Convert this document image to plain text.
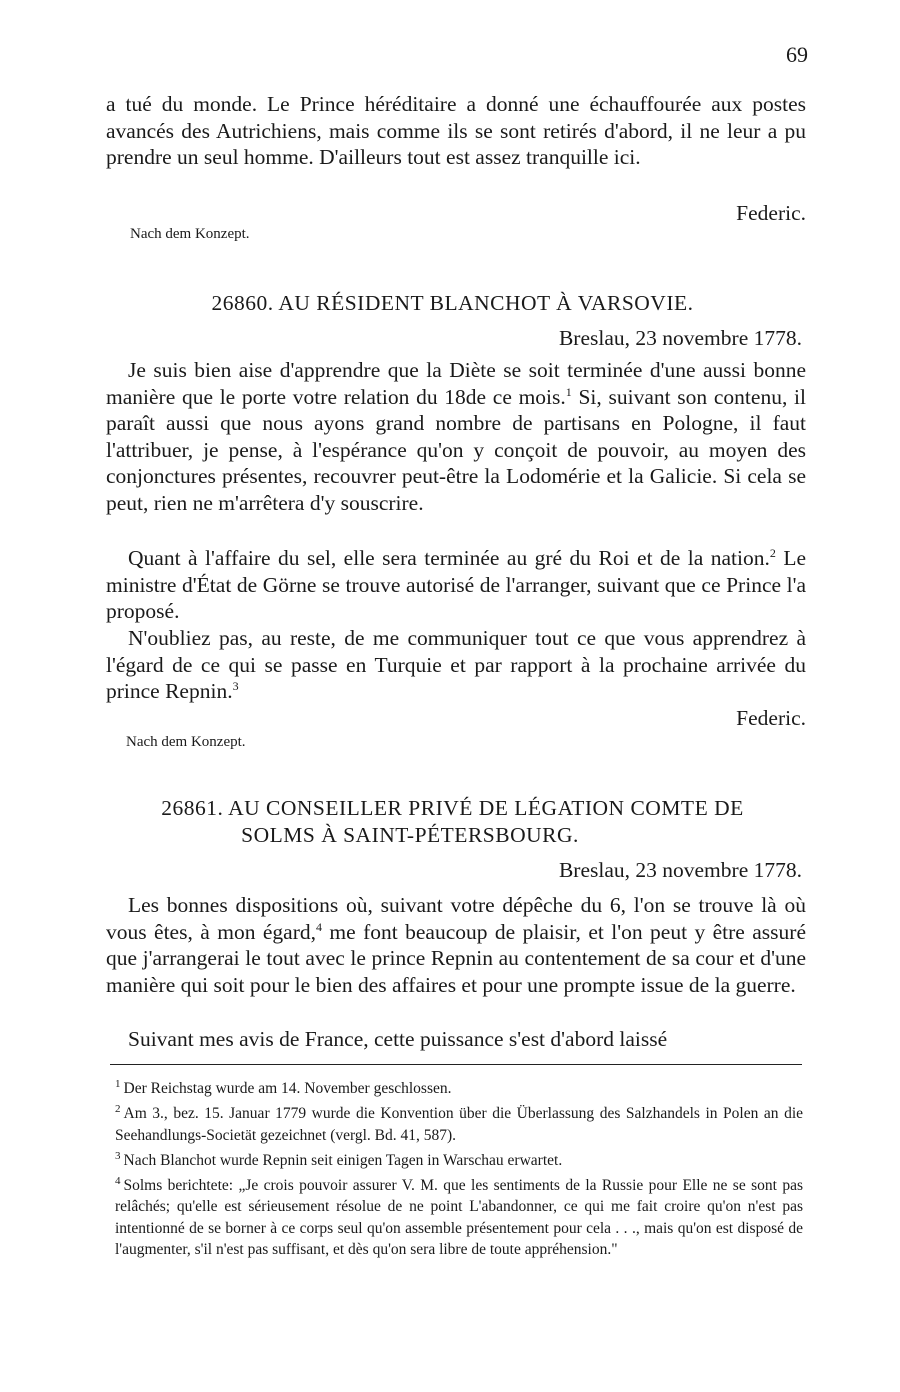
69

a tué du monde. Le Prince héréditaire a donné une échauffourée aux postes avancés des Autrichiens, mais comme ils se sont retirés d'abord, il ne leur a pu prendre un seul homme. D'ailleurs tout est assez tranquille ici.

Federic.
Nach dem Konzept.

26860. AU RÉSIDENT BLANCHOT À VARSOVIE.

Breslau, 23 novembre 1778.

Je suis bien aise d'apprendre que la Diète se soit terminée d'une aussi bonne manière que le porte votre relation du 18de ce mois.$^1$ Si, suivant son contenu, il paraît aussi que nous ayons grand nombre de partisans en Pologne, il faut l'attribuer, je pense, à l'espérance qu'on y conçoit de pouvoir, au moyen des conjonctures présentes, recouvrer peut-être la Lodomérie et la Galicie. Si cela se peut, rien ne m'arrêtera d'y souscrire.

Quant à l'affaire du sel, elle sera terminée au gré du Roi et de la nation.$^2$ Le ministre d'État de Görne se trouve autorisé de l'arranger, suivant que ce Prince l'a proposé.

N'oubliez pas, au reste, de me communiquer tout ce que vous apprendrez à l'égard de ce qui se passe en Turquie et par rapport à la prochaine arrivée du prince Repnin.$^3$

Federic.
Nach dem Konzept.

26861. AU CONSEILLER PRIVÉ DE LÉGATION COMTE DE

SOLMS À SAINT-PÉTERSBOURG.

Breslau, 23 novembre 1778.

Les bonnes dispositions où, suivant votre dépêche du 6, l'on se trouve là où vous êtes, à mon égard,$^4$ me font beaucoup de plaisir, et l'on peut y être assuré que j'arrangerai le tout avec le prince Repnin au contentement de sa cour et d'une manière qui soit pour le bien des affaires et pour une prompte issue de la guerre.

Suivant mes avis de France, cette puissance s'est d'abord laissé

$^1$ Der Reichstag wurde am 14. November geschlossen.

$^2$ Am 3., bez. 15. Januar 1779 wurde die Konvention über die Überlassung des Salzhandels in Polen an die Seehandlungs-Societät gezeichnet (vergl. Bd. 41, 587).

$^3$ Nach Blanchot wurde Repnin seit einigen Tagen in Warschau erwartet.

$^4$ Solms berichtete: „Je crois pouvoir assurer V. M. que les sentiments de la Russie pour Elle ne se sont pas relâchés; qu'elle est sérieusement résolue de ne point L'abandonner, ce qui me fait croire qu'on n'est pas intentionné de se borner à ce corps seul qu'on assemble présentement pour cela . . ., mais qu'on est disposé de l'augmenter, s'il n'est pas suffisant, et dès qu'on sera libre de toute appréhension."
